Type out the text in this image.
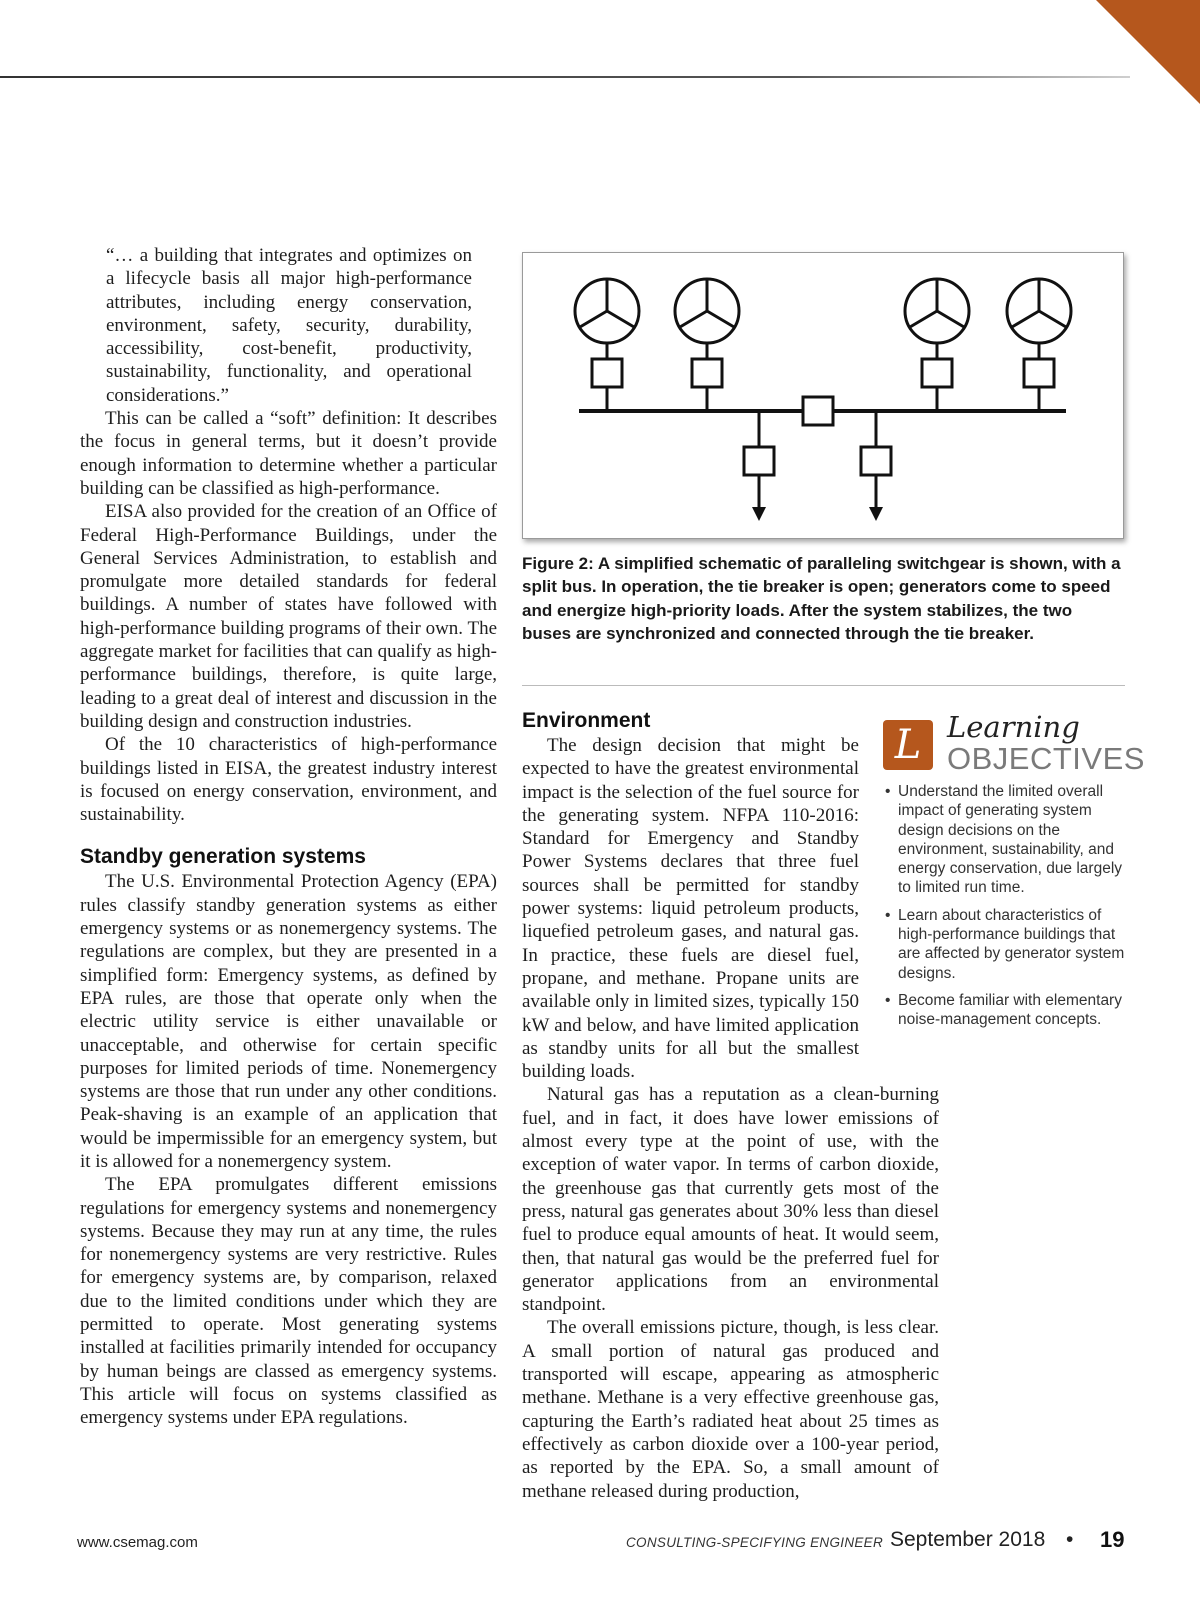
“… a building that integrates and optimizes on a lifecycle basis all major high-performance attributes, including energy conservation, environment, safety, security, durability, accessibility, cost-benefit, productivity, sustainability, functionality, and operational considerations.”

This can be called a “soft” definition: It describes the focus in general terms, but it doesn’t provide enough information to determine whether a particular building can be classified as high-performance.

EISA also provided for the creation of an Office of Federal High-Performance Buildings, under the General Services Administration, to establish and promulgate more detailed standards for federal buildings. A number of states have followed with high-performance building programs of their own. The aggregate market for facilities that can qualify as high-performance buildings, therefore, is quite large, leading to a great deal of interest and discussion in the building design and construction industries.

Of the 10 characteristics of high-performance buildings listed in EISA, the greatest industry interest is focused on energy conservation, environment, and sustainability.

Standby generation systems

The U.S. Environmental Protection Agency (EPA) rules classify standby generation systems as either emergency systems or as nonemergency systems. The regulations are complex, but they are presented in a simplified form: Emergency systems, as defined by EPA rules, are those that operate only when the electric utility service is either unavailable or unacceptable, and otherwise for certain specific purposes for limited periods of time. Nonemergency systems are those that run under any other conditions. Peak-shaving is an example of an application that would be impermissible for an emergency system, but it is allowed for a nonemergency system.

The EPA promulgates different emissions regulations for emergency systems and nonemergency systems. Because they may run at any time, the rules for nonemergency systems are very restrictive. Rules for emergency systems are, by comparison, relaxed due to the limited conditions under which they are permitted to operate. Most generating systems installed at facilities primarily intended for occupancy by human beings are classed as emergency systems. This article will focus on systems classified as emergency systems under EPA regulations.

Figure 2: A simplified schematic of paralleling switchgear is shown, with a split bus. In operation, the tie breaker is open; generators come to speed and energize high-priority loads. After the system stabilizes, the two buses are synchronized and connected through the tie breaker.

Environment

The design decision that might be expected to have the greatest environmental impact is the selection of the fuel source for the generating system. NFPA 110-2016: Standard for Emergency and Standby Power Systems declares that three fuel sources shall be permitted for standby power systems: liquid petroleum products, liquefied petroleum gases, and natural gas. In practice, these fuels are diesel fuel, propane, and methane. Propane units are available only in limited sizes, typically 150 kW and below, and have limited application as standby units for all but the smallest building loads.

Natural gas has a reputation as a clean-burning fuel, and in fact, it does have lower emissions of almost every type at the point of use, with the exception of water vapor. In terms of carbon dioxide, the greenhouse gas that currently gets most of the press, natural gas generates about 30% less than diesel fuel to produce equal amounts of heat. It would seem, then, that natural gas would be the preferred fuel for generator applications from an environmental standpoint.

The overall emissions picture, though, is less clear. A small portion of natural gas produced and transported will escape, appearing as atmospheric methane. Methane is a very effective greenhouse gas, capturing the Earth’s radiated heat about 25 times as effectively as carbon dioxide over a 100-year period, as reported by the EPA. So, a small amount of methane released during production,

L Learning
OBJECTIVES
• Understand the limited overall impact of generating system design decisions on the environment, sustainability, and energy conservation, due largely to limited run time.
• Learn about characteristics of high-performance buildings that are affected by generator system designs.
• Become familiar with elementary noise-management concepts.
www.csemag.com	CONSULTING-SPECIFYING ENGINEER September 2018 • 19
